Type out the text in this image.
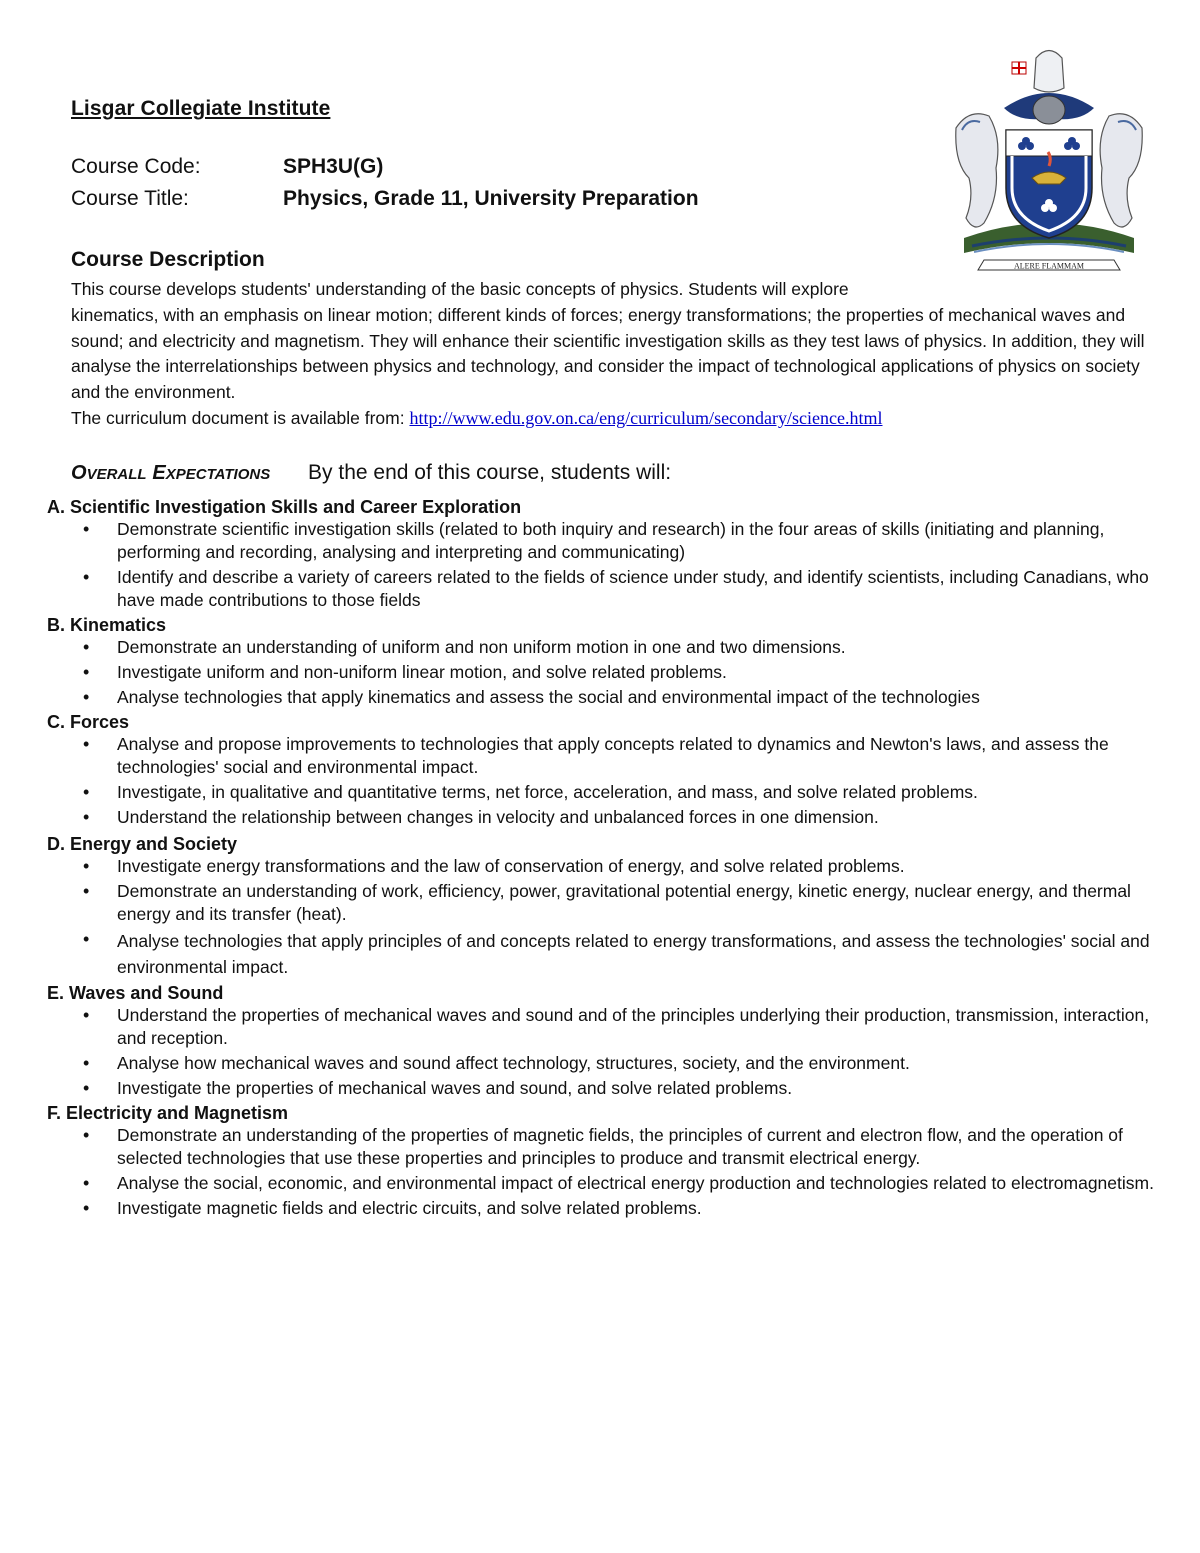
Lisgar Collegiate Institute
ALERE FLAMMAM
Course Code:	SPH3U(G)
Course Title:	Physics, Grade 11, University Preparation
Course Description

This course develops students' understanding of the basic concepts of physics. Students will explore

kinematics, with an emphasis on linear motion; different kinds of forces; energy transformations; the properties of mechanical waves and sound; and electricity and magnetism. They will enhance their scientific investigation skills as they test laws of physics. In addition, they will analyse the interrelationships between physics and technology, and consider the impact of technological applications of physics on society and the environment.

The curriculum document is available from: http://www.edu.gov.on.ca/eng/curriculum/secondary/science.html

OVERALL EXPECTATIONS By the end of this course, students will:
A. Scientific Investigation Skills and Career Exploration
• Demonstrate scientific investigation skills (related to both inquiry and research) in the four areas of skills (initiating and planning, performing and recording, analysing and interpreting and communicating)
• Identify and describe a variety of careers related to the fields of science under study, and identify scientists, including Canadians, who have made contributions to those fields
B. Kinematics
• Demonstrate an understanding of uniform and non uniform motion in one and two dimensions.
• Investigate uniform and non-uniform linear motion, and solve related problems.
• Analyse technologies that apply kinematics and assess the social and environmental impact of the technologies
C. Forces
• Analyse and propose improvements to technologies that apply concepts related to dynamics and Newton's laws, and assess the technologies' social and environmental impact.
• Investigate, in qualitative and quantitative terms, net force, acceleration, and mass, and solve related problems.
• Understand the relationship between changes in velocity and unbalanced forces in one dimension.
D. Energy and Society
• Investigate energy transformations and the law of conservation of energy, and solve related problems.
• Demonstrate an understanding of work, efficiency, power, gravitational potential energy, kinetic energy, nuclear energy, and thermal energy and its transfer (heat).
• Analyse technologies that apply principles of and concepts related to energy transformations, and assess the technologies' social and environmental impact.
E. Waves and Sound
• Understand the properties of mechanical waves and sound and of the principles underlying their production, transmission, interaction, and reception.
• Analyse how mechanical waves and sound affect technology, structures, society, and the environment.
• Investigate the properties of mechanical waves and sound, and solve related problems.
F. Electricity and Magnetism
• Demonstrate an understanding of the properties of magnetic fields, the principles of current and electron flow, and the operation of selected technologies that use these properties and principles to produce and transmit electrical energy.
• Analyse the social, economic, and environmental impact of electrical energy production and technologies related to electromagnetism.
• Investigate magnetic fields and electric circuits, and solve related problems.
